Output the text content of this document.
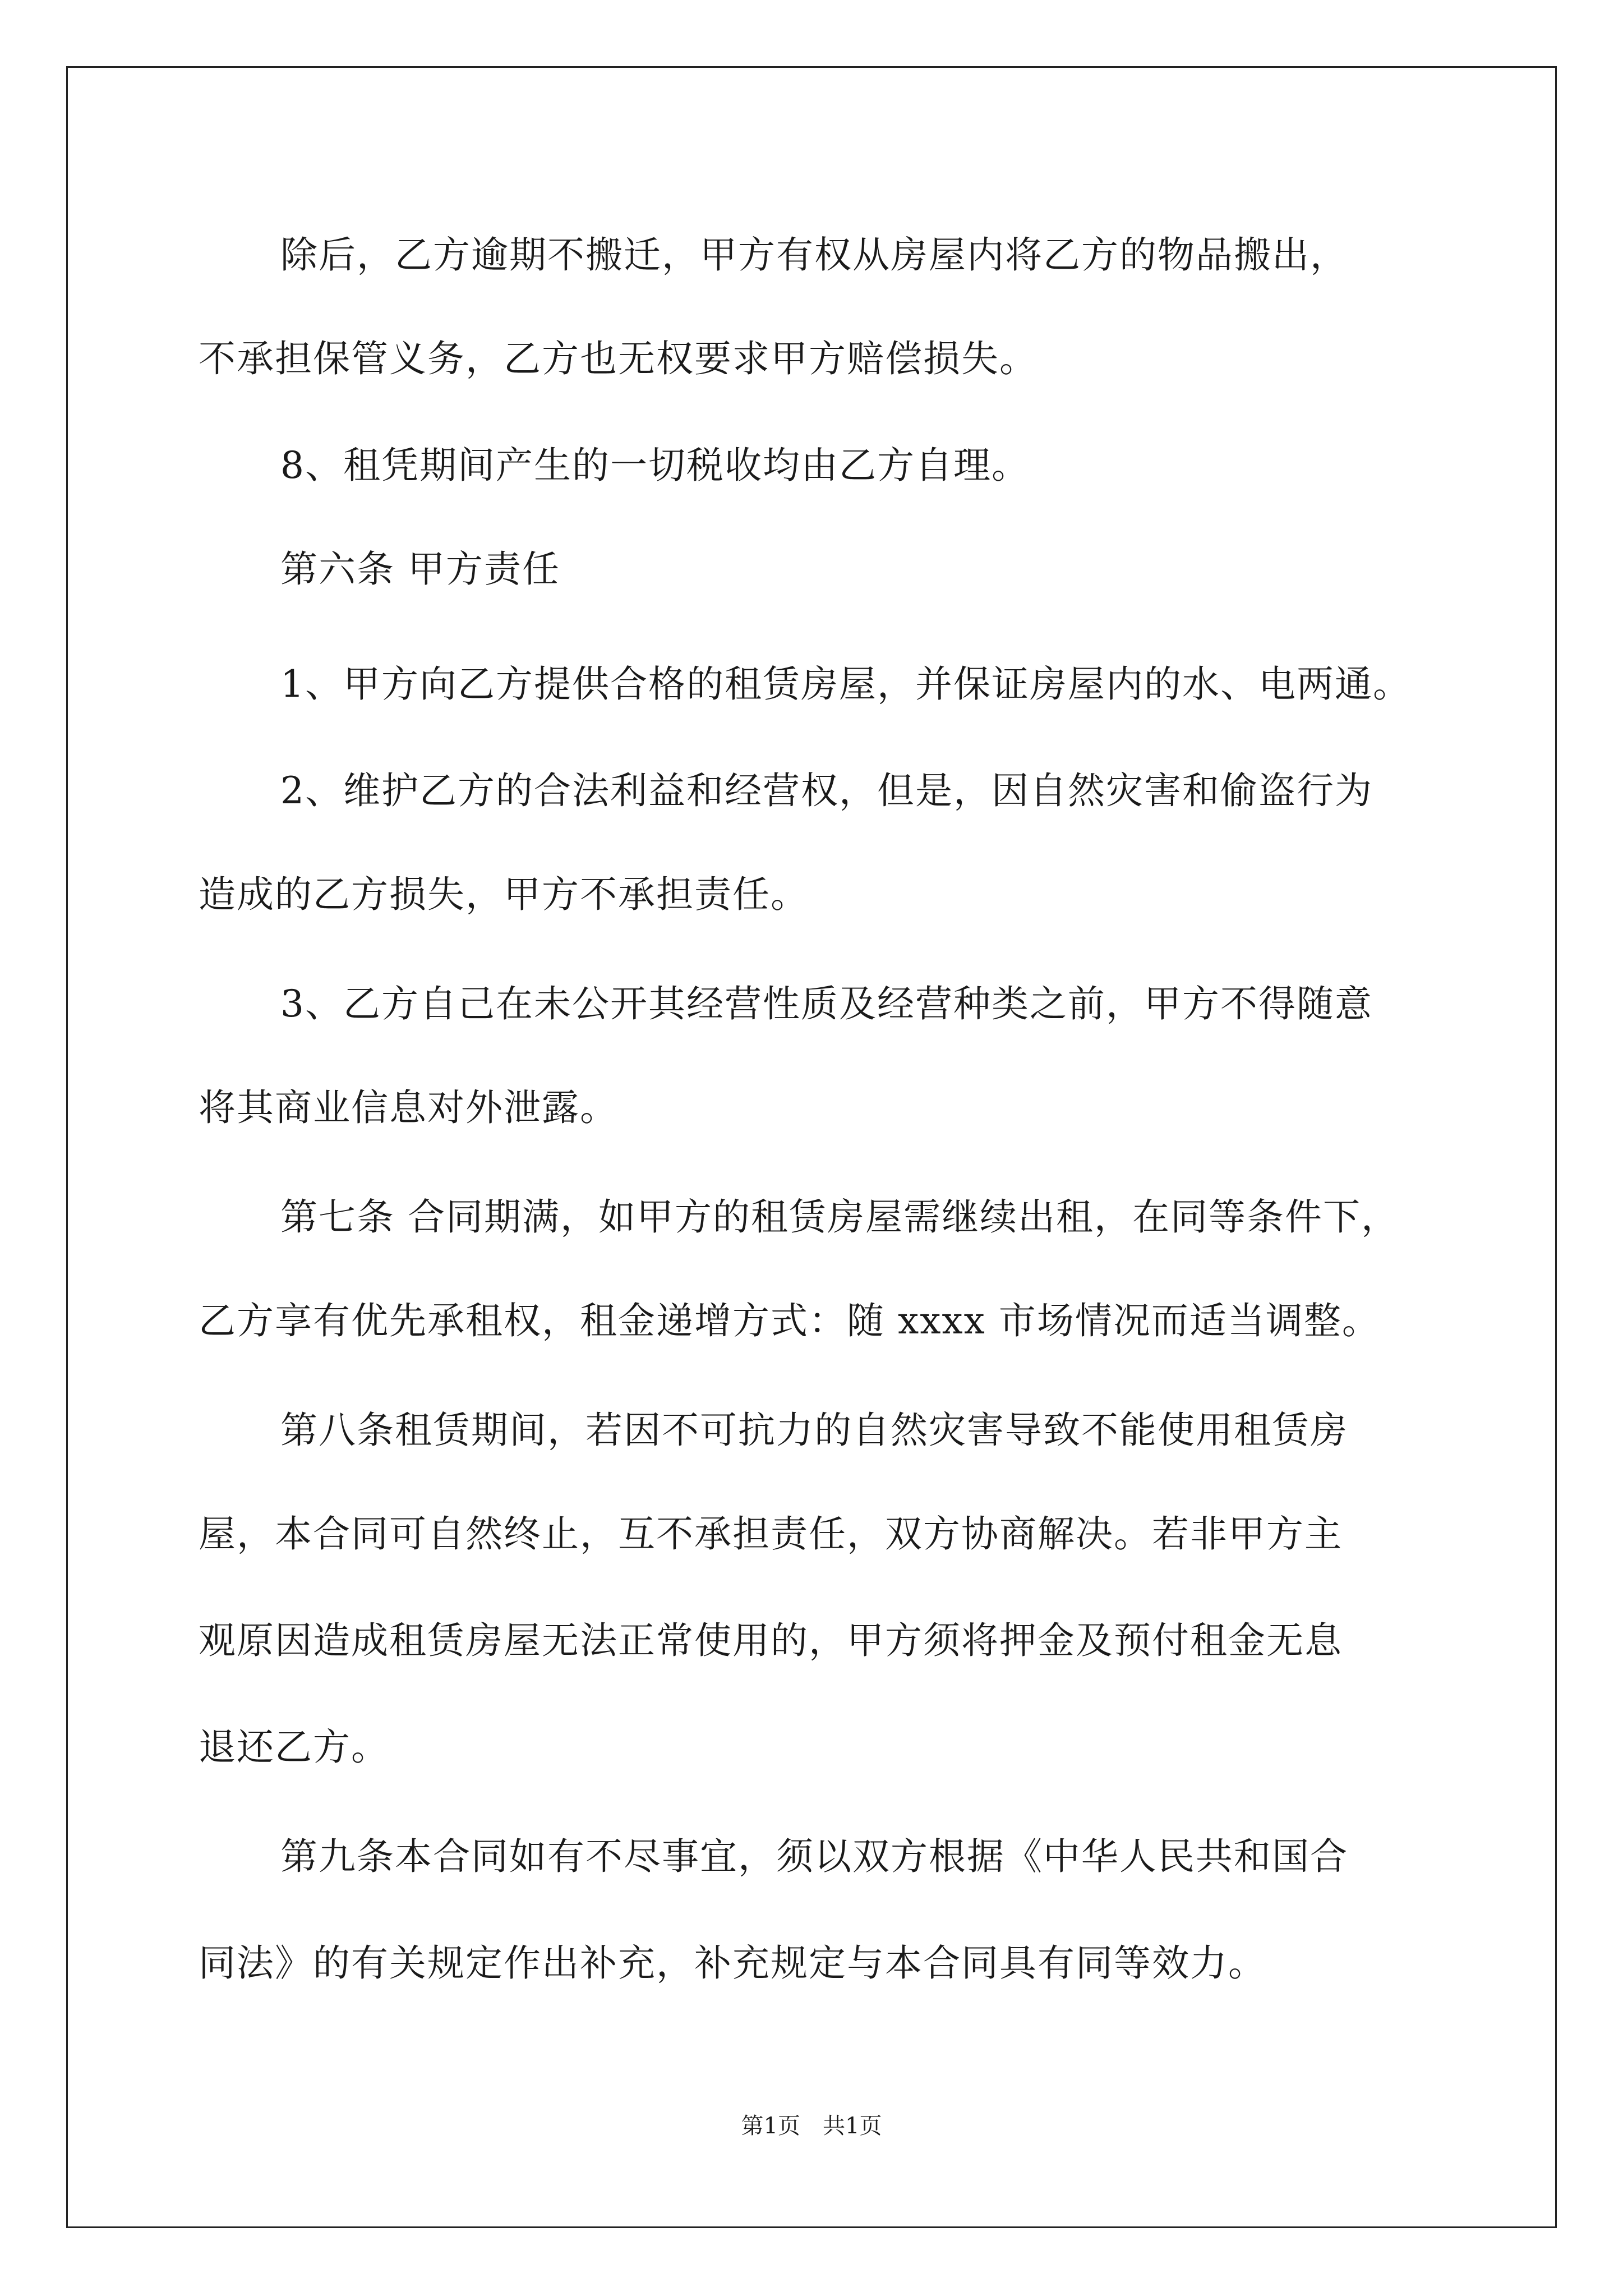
除后，乙方逾期不搬迁，甲方有权从房屋内将乙方的物品搬出，
不承担保管义务，乙方也无权要求甲方赔偿损失。
8、租凭期间产生的一切税收均由乙方自理。
第六条 甲方责任
1、甲方向乙方提供合格的租赁房屋，并保证房屋内的水、电两通。
2、维护乙方的合法利益和经营权，但是，因自然灾害和偷盗行为
造成的乙方损失，甲方不承担责任。
3、乙方自己在未公开其经营性质及经营种类之前，甲方不得随意
将其商业信息对外泄露。
第七条 合同期满，如甲方的租赁房屋需继续出租，在同等条件下，
乙方享有优先承租权，租金递增方式：随 xxxx 市场情况而适当调整。
第八条租赁期间，若因不可抗力的自然灾害导致不能使用租赁房
屋，本合同可自然终止，互不承担责任，双方协商解决。若非甲方主
观原因造成租赁房屋无法正常使用的，甲方须将押金及预付租金无息
退还乙方。
第九条本合同如有不尽事宜，须以双方根据《中华人民共和国合
同法》的有关规定作出补充，补充规定与本合同具有同等效力。
第1页　共1页
